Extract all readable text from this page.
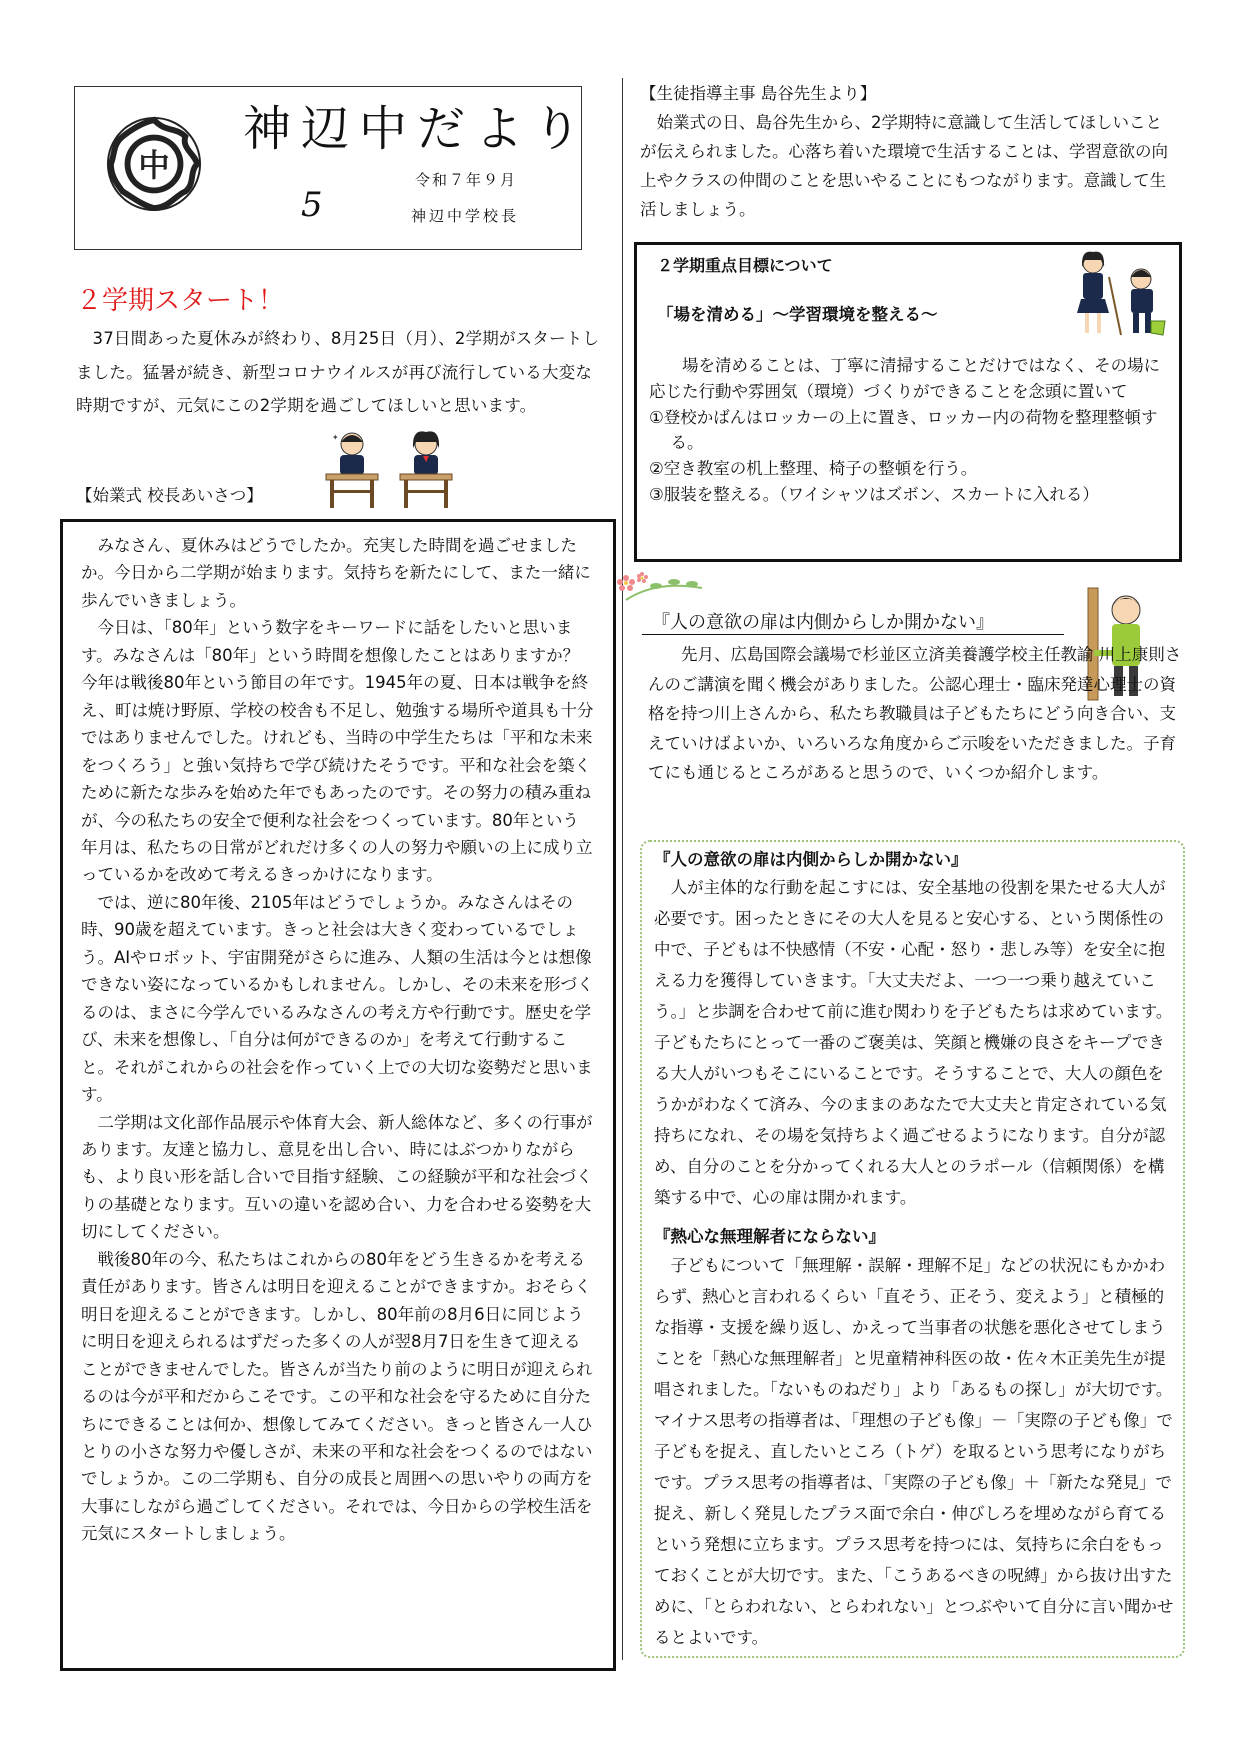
中
神辺中だより
令和７年９月
5	神辺中学校長
２学期スタート！
37日間あった夏休みが終わり、8月25日（月）、2学期がスタートしました。猛暑が続き、新型コロナウイルスが再び流行している大変な時期ですが、元気にこの2学期を過ごしてほしいと思います。
✦
【始業式 校長あいさつ】

みなさん、夏休みはどうでしたか。充実した時間を過ごせましたか。今日から二学期が始まります。気持ちを新たにして、また一緒に歩んでいきましょう。

今日は、「80年」という数字をキーワードに話をしたいと思います。みなさんは「80年」という時間を想像したことはありますか？今年は戦後80年という節目の年です。1945年の夏、日本は戦争を終え、町は焼け野原、学校の校舎も不足し、勉強する場所や道具も十分ではありませんでした。けれども、当時の中学生たちは「平和な未来をつくろう」と強い気持ちで学び続けたそうです。平和な社会を築くために新たな歩みを始めた年でもあったのです。その努力の積み重ねが、今の私たちの安全で便利な社会をつくっています。80年という年月は、私たちの日常がどれだけ多くの人の努力や願いの上に成り立っているかを改めて考えるきっかけになります。

では、逆に80年後、2105年はどうでしょうか。みなさんはその時、90歳を超えています。きっと社会は大きく変わっているでしょう。AIやロボット、宇宙開発がさらに進み、人類の生活は今とは想像できない姿になっているかもしれません。しかし、その未来を形づくるのは、まさに今学んでいるみなさんの考え方や行動です。歴史を学び、未来を想像し、「自分は何ができるのか」を考えて行動すること。それがこれからの社会を作っていく上での大切な姿勢だと思います。

二学期は文化部作品展示や体育大会、新人総体など、多くの行事があります。友達と協力し、意見を出し合い、時にはぶつかりながらも、より良い形を話し合いで目指す経験、この経験が平和な社会づくりの基礎となります。互いの違いを認め合い、力を合わせる姿勢を大切にしてください。

戦後80年の今、私たちはこれからの80年をどう生きるかを考える責任があります。皆さんは明日を迎えることができますか。おそらく明日を迎えることができます。しかし、80年前の8月6日に同じように明日を迎えられるはずだった多くの人が翌8月7日を生きて迎えることができませんでした。皆さんが当たり前のように明日が迎えられるのは今が平和だからこそです。この平和な社会を守るために自分たちにできることは何か、想像してみてください。きっと皆さん一人ひとりの小さな努力や優しさが、未来の平和な社会をつくるのではないでしょうか。この二学期も、自分の成長と周囲への思いやりの両方を大事にしながら過ごしてください。それでは、今日からの学校生活を元気にスタートしましょう。

【生徒指導主事 島谷先生より】
始業式の日、島谷先生から、2学期特に意識して生活してほしいことが伝えられました。心落ち着いた環境で生活することは、学習意欲の向上やクラスの仲間のことを思いやることにもつながります。意識して生活しましょう。
２学期重点目標について
「場を清める」～学習環境を整える～

場を清めることは、丁寧に清掃することだけではなく、その場に応じた行動や雰囲気（環境）づくりができることを念頭に置いて

①登校かばんはロッカーの上に置き、ロッカー内の荷物を整理整頓する。
②空き教室の机上整理、椅子の整頓を行う。
③服装を整える。（ワイシャツはズボン、スカートに入れる）
『人の意欲の扉は内側からしか開かない』
先月、広島国際会議場で杉並区立済美養護学校主任教諭 川上康則さんのご講演を聞く機会がありました。公認心理士・臨床発達心理士の資格を持つ川上さんから、私たち教職員は子どもたちにどう向き合い、支えていけばよいか、いろいろな角度からご示唆をいただきました。子育てにも通じるところがあると思うので、いくつか紹介します。
『人の意欲の扉は内側からしか開かない』
人が主体的な行動を起こすには、安全基地の役割を果たせる大人が必要です。困ったときにその大人を見ると安心する、という関係性の中で、子どもは不快感情（不安・心配・怒り・悲しみ等）を安全に抱える力を獲得していきます。「大丈夫だよ、一つ一つ乗り越えていこう。」と歩調を合わせて前に進む関わりを子どもたちは求めています。子どもたちにとって一番のご褒美は、笑顔と機嫌の良さをキープできる大人がいつもそこにいることです。そうすることで、大人の顔色をうかがわなくて済み、今のままのあなたで大丈夫と肯定されている気持ちになれ、その場を気持ちよく過ごせるようになります。自分が認め、自分のことを分かってくれる大人とのラポール（信頼関係）を構築する中で、心の扉は開かれます。
『熱心な無理解者にならない』
子どもについて「無理解・誤解・理解不足」などの状況にもかかわらず、熱心と言われるくらい「直そう、正そう、変えよう」と積極的な指導・支援を繰り返し、かえって当事者の状態を悪化させてしまうことを「熱心な無理解者」と児童精神科医の故・佐々木正美先生が提唱されました。「ないものねだり」より「あるもの探し」が大切です。マイナス思考の指導者は、「理想の子ども像」－「実際の子ども像」で子どもを捉え、直したいところ（トゲ）を取るという思考になりがちです。プラス思考の指導者は、「実際の子ども像」＋「新たな発見」で捉え、新しく発見したプラス面で余白・伸びしろを埋めながら育てるという発想に立ちます。プラス思考を持つには、気持ちに余白をもっておくことが大切です。また、「こうあるべきの呪縛」から抜け出すために、「とらわれない、とらわれない」とつぶやいて自分に言い聞かせるとよいです。
